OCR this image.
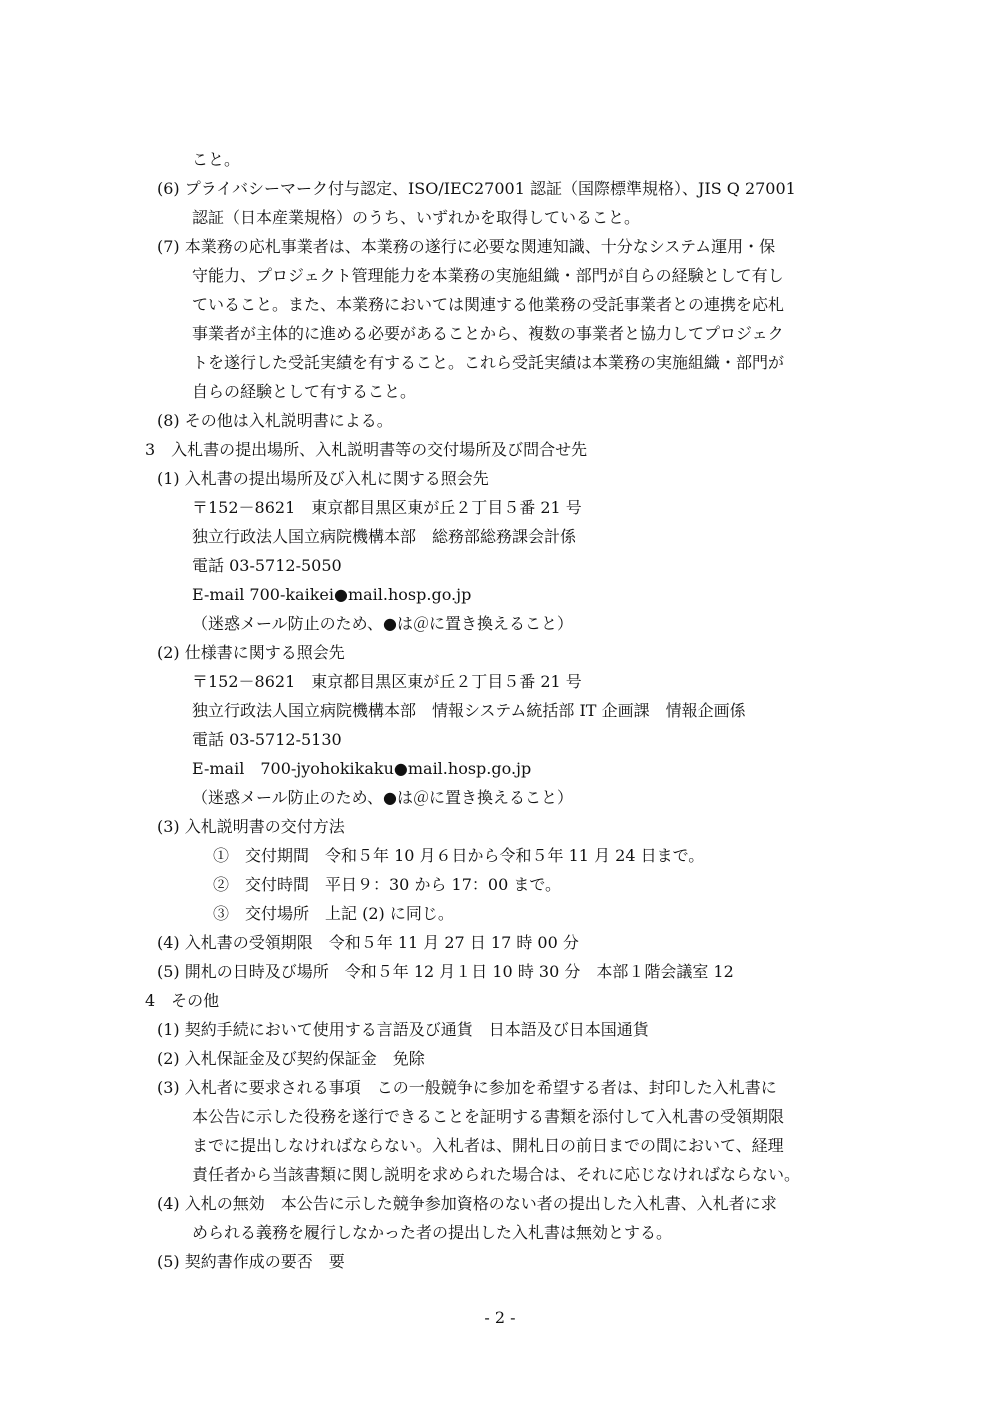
こと。
(6) プライバシーマーク付与認定、ISO/IEC27001 認証（国際標準規格）、JIS Q 27001
認証（日本産業規格）のうち、いずれかを取得していること。
(7) 本業務の応札事業者は、本業務の遂行に必要な関連知識、十分なシステム運用・保
守能力、プロジェクト管理能力を本業務の実施組織・部門が自らの経験として有し
ていること。また、本業務においては関連する他業務の受託事業者との連携を応札
事業者が主体的に進める必要があることから、複数の事業者と協力してプロジェク
トを遂行した受託実績を有すること。これら受託実績は本業務の実施組織・部門が
自らの経験として有すること。
(8) その他は入札説明書による。
3　入札書の提出場所、入札説明書等の交付場所及び問合せ先
(1) 入札書の提出場所及び入札に関する照会先
〒152－8621　東京都目黒区東が丘２丁目５番 21 号
独立行政法人国立病院機構本部　総務部総務課会計係
電話 03-5712-5050
E-mail 700-kaikei●mail.hosp.go.jp
（迷惑メール防止のため、●は＠に置き換えること）
(2) 仕様書に関する照会先
〒152－8621　東京都目黒区東が丘２丁目５番 21 号
独立行政法人国立病院機構本部　情報システム統括部 IT 企画課　情報企画係
電話 03-5712-5130
E-mail　700-jyohokikaku●mail.hosp.go.jp
（迷惑メール防止のため、●は＠に置き換えること）
(3) 入札説明書の交付方法
①　交付期間　令和５年 10 月６日から令和５年 11 月 24 日まで。
②　交付時間　平日９：30 から 17：00 まで。
③　交付場所　上記 (2) に同じ。
(4) 入札書の受領期限　令和５年 11 月 27 日 17 時 00 分
(5) 開札の日時及び場所　令和５年 12 月１日 10 時 30 分　本部１階会議室 12
4　その他
(1) 契約手続において使用する言語及び通貨　日本語及び日本国通貨
(2) 入札保証金及び契約保証金　免除
(3) 入札者に要求される事項　この一般競争に参加を希望する者は、封印した入札書に
本公告に示した役務を遂行できることを証明する書類を添付して入札書の受領期限
までに提出しなければならない。入札者は、開札日の前日までの間において、経理
責任者から当該書類に関し説明を求められた場合は、それに応じなければならない。
(4) 入札の無効　本公告に示した競争参加資格のない者の提出した入札書、入札者に求
められる義務を履行しなかった者の提出した入札書は無効とする。
(5) 契約書作成の要否　要
- 2 -
